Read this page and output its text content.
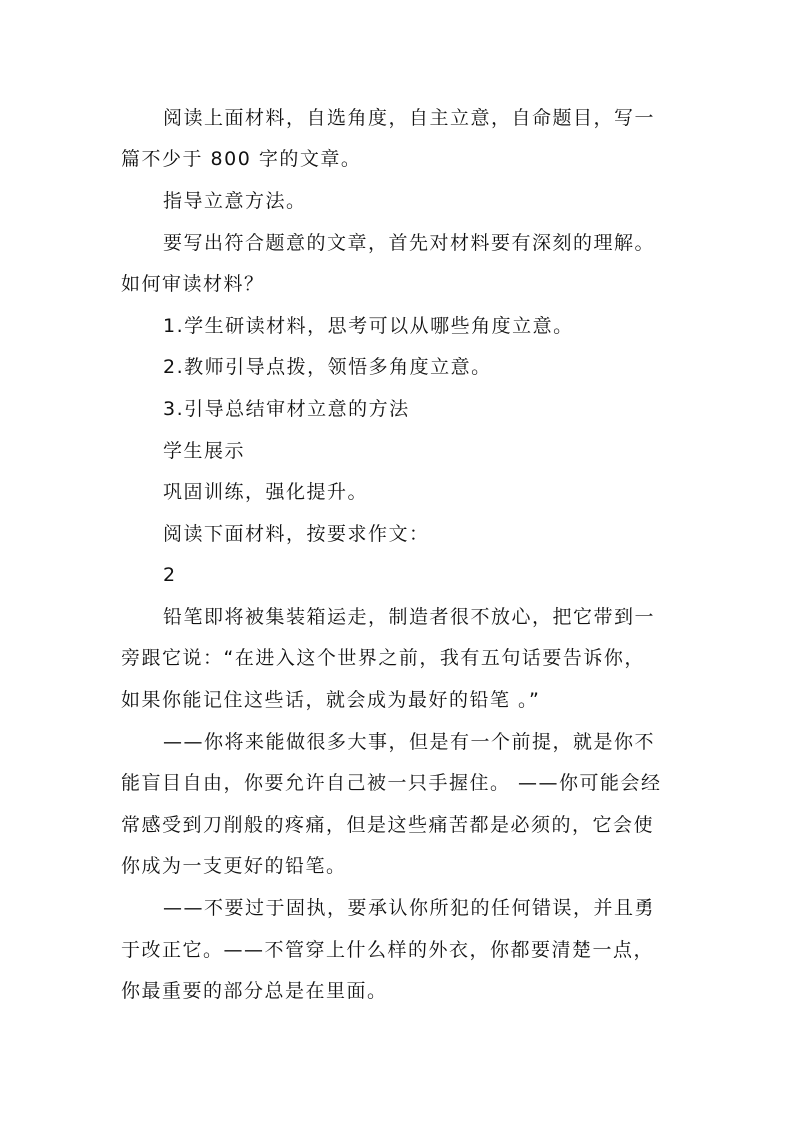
阅读上面材料，自选角度，自主立意，自命题目，写一
篇不少于 800 字的文章。
指导立意方法。
要写出符合题意的文章，首先对材料要有深刻的理解。
如何审读材料？
1.学生研读材料，思考可以从哪些角度立意。
2.教师引导点拨，领悟多角度立意。
3.引导总结审材立意的方法
学生展示
巩固训练，强化提升。
阅读下面材料，按要求作文：
2
铅笔即将被集装箱运走，制造者很不放心，把它带到一
旁跟它说：“在进入这个世界之前，我有五句话要告诉你，
如果你能记住这些话，就会成为最好的铅笔 。”
——你将来能做很多大事，但是有一个前提，就是你不
能盲目自由，你要允许自己被一只手握住。 ——你可能会经
常感受到刀削般的疼痛，但是这些痛苦都是必须的，它会使
你成为一支更好的铅笔。
——不要过于固执，要承认你所犯的任何错误，并且勇
于改正它。——不管穿上什么样的外衣，你都要清楚一点，
你最重要的部分总是在里面。
